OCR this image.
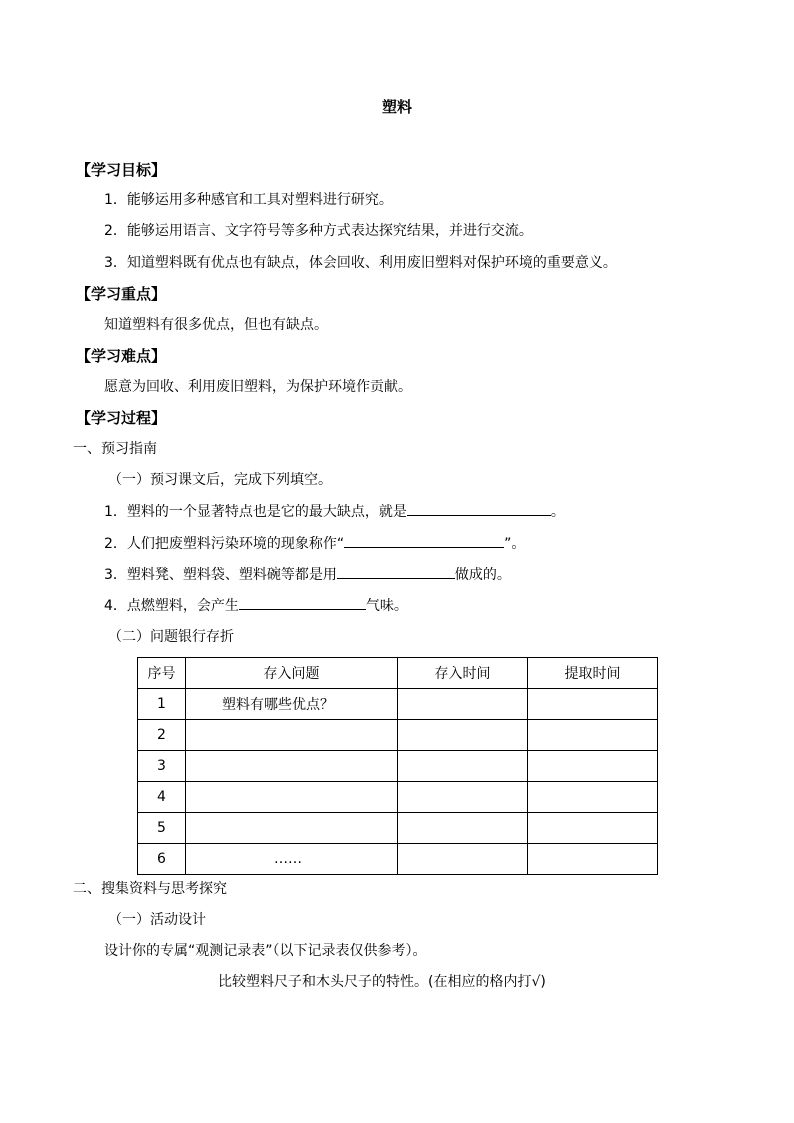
塑料
【学习目标】
1．能够运用多种感官和工具对塑料进行研究。
2．能够运用语言、文字符号等多种方式表达探究结果，并进行交流。
3．知道塑料既有优点也有缺点，体会回收、利用废旧塑料对保护环境的重要意义。
【学习重点】
知道塑料有很多优点，但也有缺点。
【学习难点】
愿意为回收、利用废旧塑料，为保护环境作贡献。
【学习过程】
一、预习指南
（一）预习课文后，完成下列填空。
1．塑料的一个显著特点也是它的最大缺点，就是	。
2．人们把废塑料污染环境的现象称作“	”。
3．塑料凳、塑料袋、塑料碗等都是用	做成的。
4．点燃塑料，会产生	气味。
（二）问题银行存折
序号	存入问题	存入时间	提取时间
1	塑料有哪些优点？		
2			
3			
4			
5			
6	……		
二、搜集资料与思考探究
（一）活动设计
设计你的专属“观测记录表”（以下记录表仅供参考）。
比较塑料尺子和木头尺子的特性。(在相应的格内打√)
